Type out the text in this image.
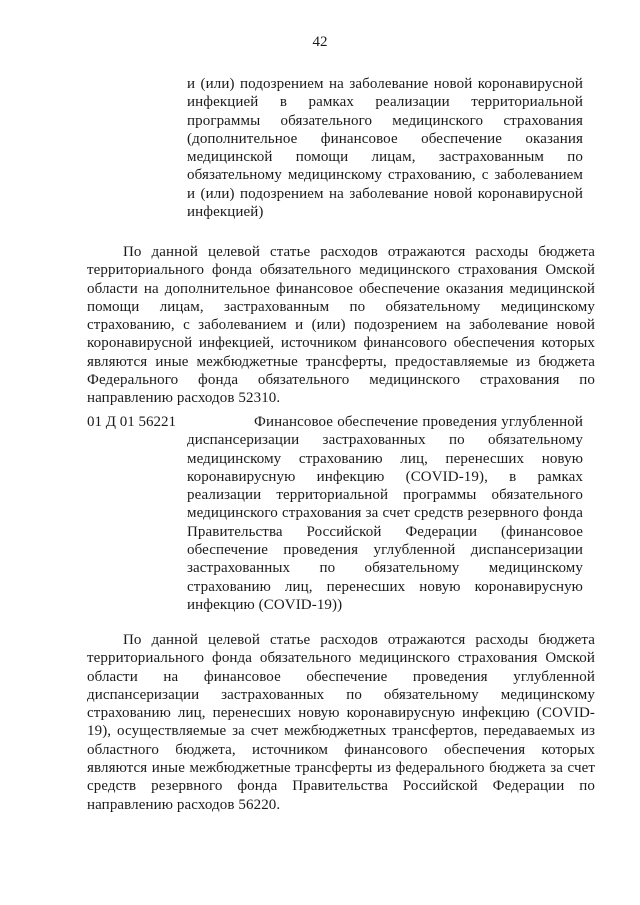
42

и (или) подозрением на заболевание новой коронавирусной инфекцией в рамках реализации территориальной программы обязательного медицинского страхования (дополнительное финансовое обеспечение оказания медицинской помощи лицам, застрахованным по обязательному медицинскому страхованию, с заболеванием и (или) подозрением на заболевание новой коронавирусной инфекцией)

По данной целевой статье расходов отражаются расходы бюджета территориального фонда обязательного медицинского страхования Омской области на дополнительное финансовое обеспечение оказания медицинской помощи лицам, застрахованным по обязательному медицинскому страхованию, с заболеванием и (или) подозрением на заболевание новой коронавирусной инфекцией, источником финансового обеспечения которых являются иные межбюджетные трансферты, предоставляемые из бюджета Федерального фонда обязательного медицинского страхования по направлению расходов 52310.

01 Д 01 56221	Финансовое обеспечение проведения углубленной диспансеризации застрахованных по обязательному медицинскому страхованию лиц, перенесших новую коронавирусную инфекцию (COVID-19), в рамках реализации территориальной программы обязательного медицинского страхования за счет средств резервного фонда Правительства Российской Федерации (финансовое обеспечение проведения углубленной диспансеризации застрахованных по обязательному медицинскому страхованию лиц, перенесших новую коронавирусную инфекцию (COVID-19))

По данной целевой статье расходов отражаются расходы бюджета территориального фонда обязательного медицинского страхования Омской области на финансовое обеспечение проведения углубленной диспансеризации застрахованных по обязательному медицинскому страхованию лиц, перенесших новую коронавирусную инфекцию (COVID-19), осуществляемые за счет межбюджетных трансфертов, передаваемых из областного бюджета, источником финансового обеспечения которых являются иные межбюджетные трансферты из федерального бюджета за счет средств резервного фонда Правительства Российской Федерации по направлению расходов 56220.
